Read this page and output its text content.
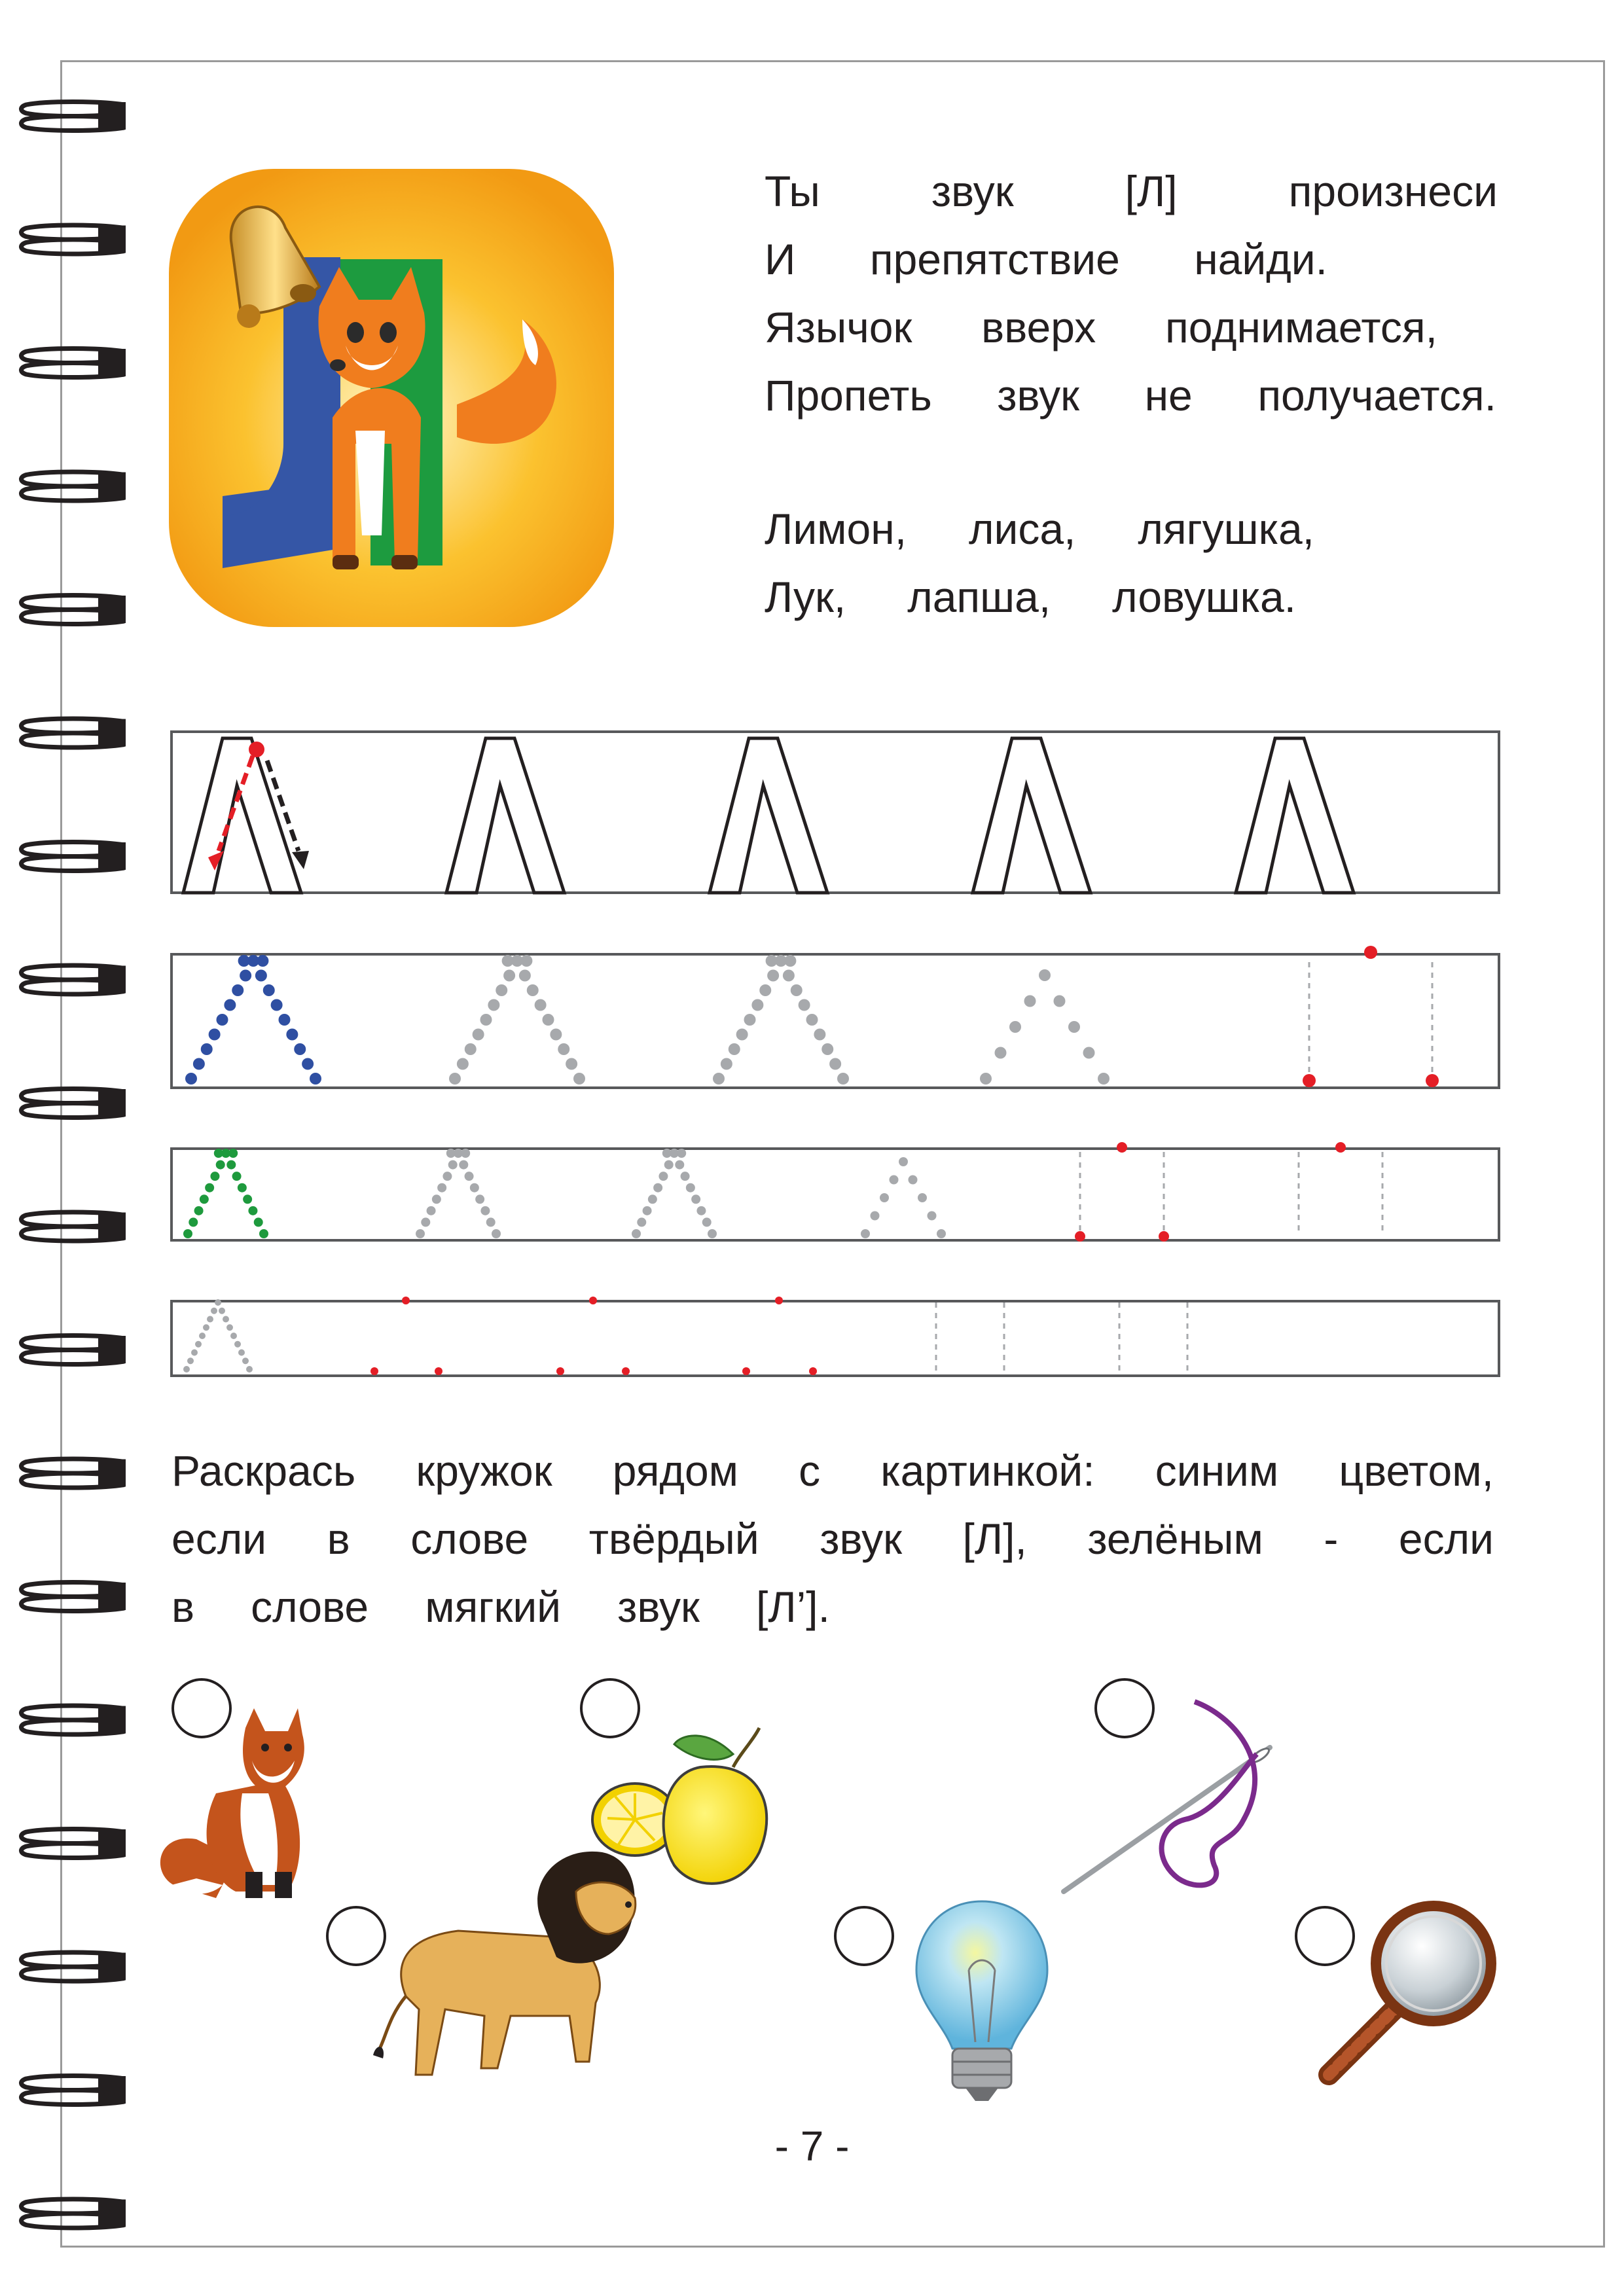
Ты	звук	[Л]	произнеси
И препятствие найди.
Язычок вверх поднимается,
Пропеть звук не получается.
Лимон, лиса, лягушка,
Лук, лапша, ловушка.
Раскрась кружок рядом с картинкой: синим цветом,
если в слове твёрдый звук [Л], зелёным - если
в слове мягкий звук [Л’].
- 7 -
